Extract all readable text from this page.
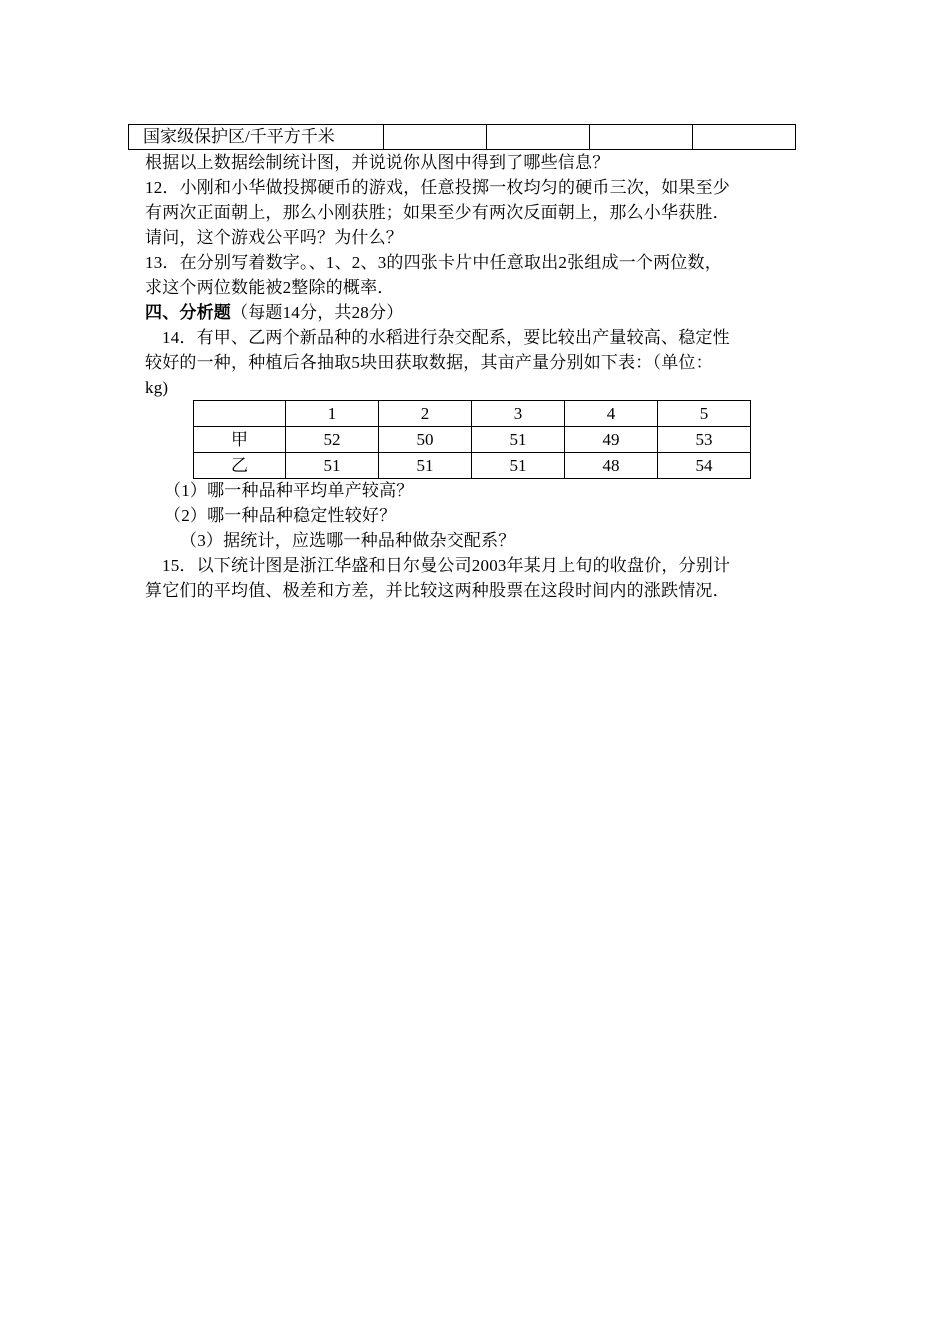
国家级保护区/千平方千米				
根据以上数据绘制统计图，并说说你从图中得到了哪些信息？
12．小刚和小华做投掷硬币的游戏，任意投掷一枚均匀的硬币三次，如果至少
有两次正面朝上，那么小刚获胜；如果至少有两次反面朝上，那么小华获胜．
请问，这个游戏公平吗？为什么？
13．在分别写着数字。、1、2、3的四张卡片中任意取出2张组成一个两位数，
求这个两位数能被2整除的概率．
四、分析题（每题14分，共28分）
14．有甲、乙两个新品种的水稻进行杂交配系，要比较出产量较高、稳定性
较好的一种，种植后各抽取5块田获取数据，其亩产量分别如下表：（单位：
kg)
	1	2	3	4	5
甲	52	50	51	49	53
乙	51	51	51	48	54
（1）哪一种品种平均单产较高？
（2）哪一种品种稳定性较好？
（3）据统计，应选哪一种品种做杂交配系？
15．以下统计图是浙江华盛和日尔曼公司2003年某月上旬的收盘价，分别计
算它们的平均值、极差和方差，并比较这两种股票在这段时间内的涨跌情况．
